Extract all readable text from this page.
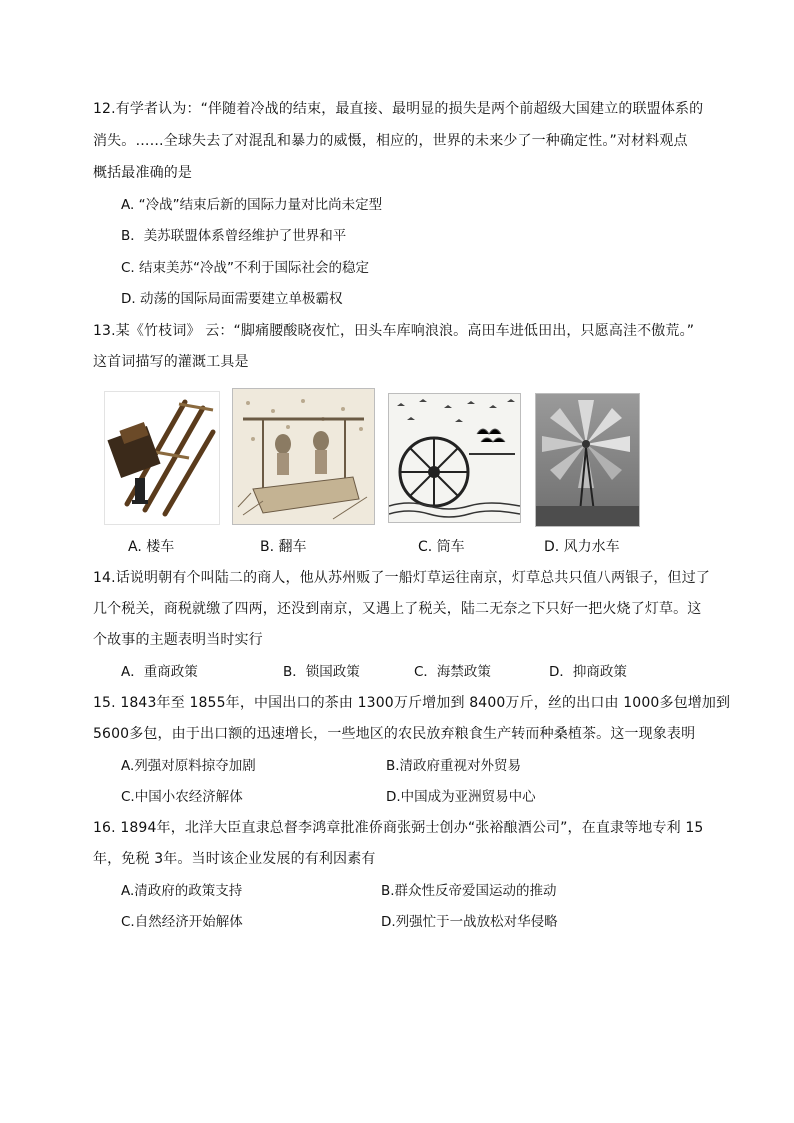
12.有学者认为：“伴随着冷战的结束，最直接、最明显的损失是两个前超级大国建立的联盟体系的
消失。……全球失去了对混乱和暴力的威慑，相应的，世界的未来少了一种确定性。”对材料观点
概括最准确的是
A. “冷战”结束后新的国际力量对比尚未定型
B．美苏联盟体系曾经维护了世界和平
C. 结束美苏“冷战”不利于国际社会的稳定
D. 动荡的国际局面需要建立单极霸权
13.某《竹枝词》 云：“脚痛腰酸晓夜忙，田头车库响浪浪。高田车进低田出，只愿高洼不傲荒。”
这首词描写的灌溉工具是
A. 楼车	B. 翻车	C. 筒车	D. 风力水车
14.话说明朝有个叫陆二的商人，他从苏州贩了一船灯草运往南京，灯草总共只值八两银子，但过了
几个税关，商税就缴了四两，还没到南京，又遇上了税关，陆二无奈之下只好一把火烧了灯草。这
个故事的主题表明当时实行
A．重商政策	B．锁国政策	C．海禁政策	D．抑商政策
15. 1843年至 1855年，中国出口的茶由 1300万斤增加到 8400万斤，丝的出口由 1000多包增加到
5600多包，由于出口额的迅速增长，一些地区的农民放弃粮食生产转而种桑植茶。这一现象表明
A.列强对原料掠夺加剧	B.清政府重视对外贸易
C.中国小农经济解体	D.中国成为亚洲贸易中心
16. 1894年，北洋大臣直隶总督李鸿章批准侨商张弼士创办“张裕酿酒公司”，在直隶等地专利 15
年，免税 3年。当时该企业发展的有利因素有
A.清政府的政策支持	B.群众性反帝爱国运动的推动
C.自然经济开始解体	D.列强忙于一战放松对华侵略
